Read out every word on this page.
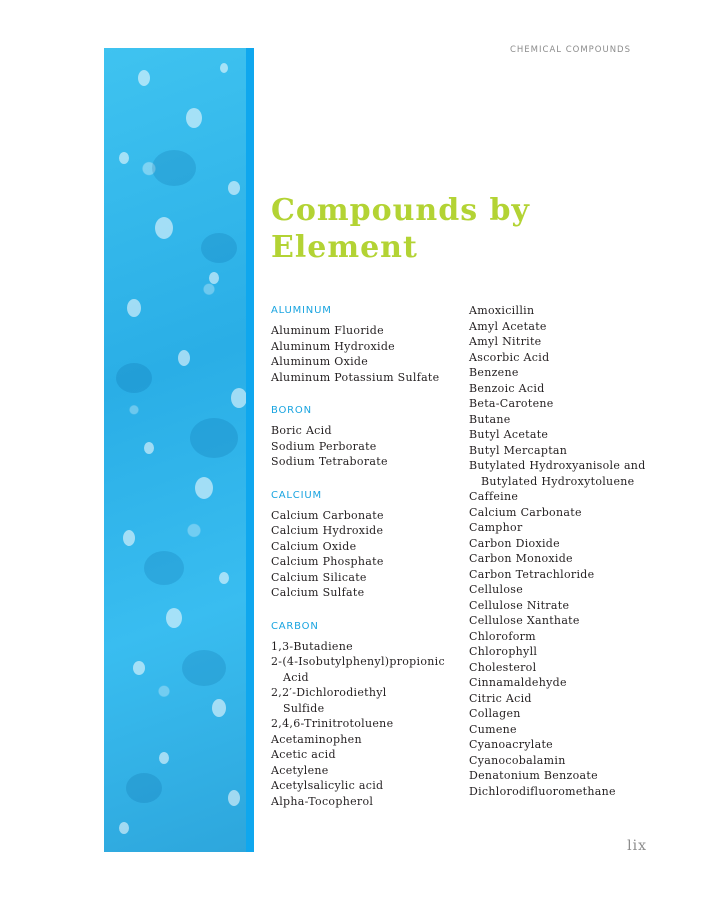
CHEMICAL COMPOUNDS
Compounds by
Element
ALUMINUM
Aluminum Fluoride
Aluminum Hydroxide
Aluminum Oxide
Aluminum Potassium Sulfate
BORON
Boric Acid
Sodium Perborate
Sodium Tetraborate
CALCIUM
Calcium Carbonate
Calcium Hydroxide
Calcium Oxide
Calcium Phosphate
Calcium Silicate
Calcium Sulfate
CARBON
1,3-Butadiene
2-(4-Isobutylphenyl)propionic Acid
2,2′-Dichlorodiethyl Sulfide
2,4,6-Trinitrotoluene
Acetaminophen
Acetic acid
Acetylene
Acetylsalicylic acid
Alpha-Tocopherol
Amoxicillin
Amyl Acetate
Amyl Nitrite
Ascorbic Acid
Benzene
Benzoic Acid
Beta-Carotene
Butane
Butyl Acetate
Butyl Mercaptan
Butylated Hydroxyanisole and Butylated Hydroxytoluene
Caffeine
Calcium Carbonate
Camphor
Carbon Dioxide
Carbon Monoxide
Carbon Tetrachloride
Cellulose
Cellulose Nitrate
Cellulose Xanthate
Chloroform
Chlorophyll
Cholesterol
Cinnamaldehyde
Citric Acid
Collagen
Cumene
Cyanoacrylate
Cyanocobalamin
Denatonium Benzoate
Dichlorodifluoromethane
lix
